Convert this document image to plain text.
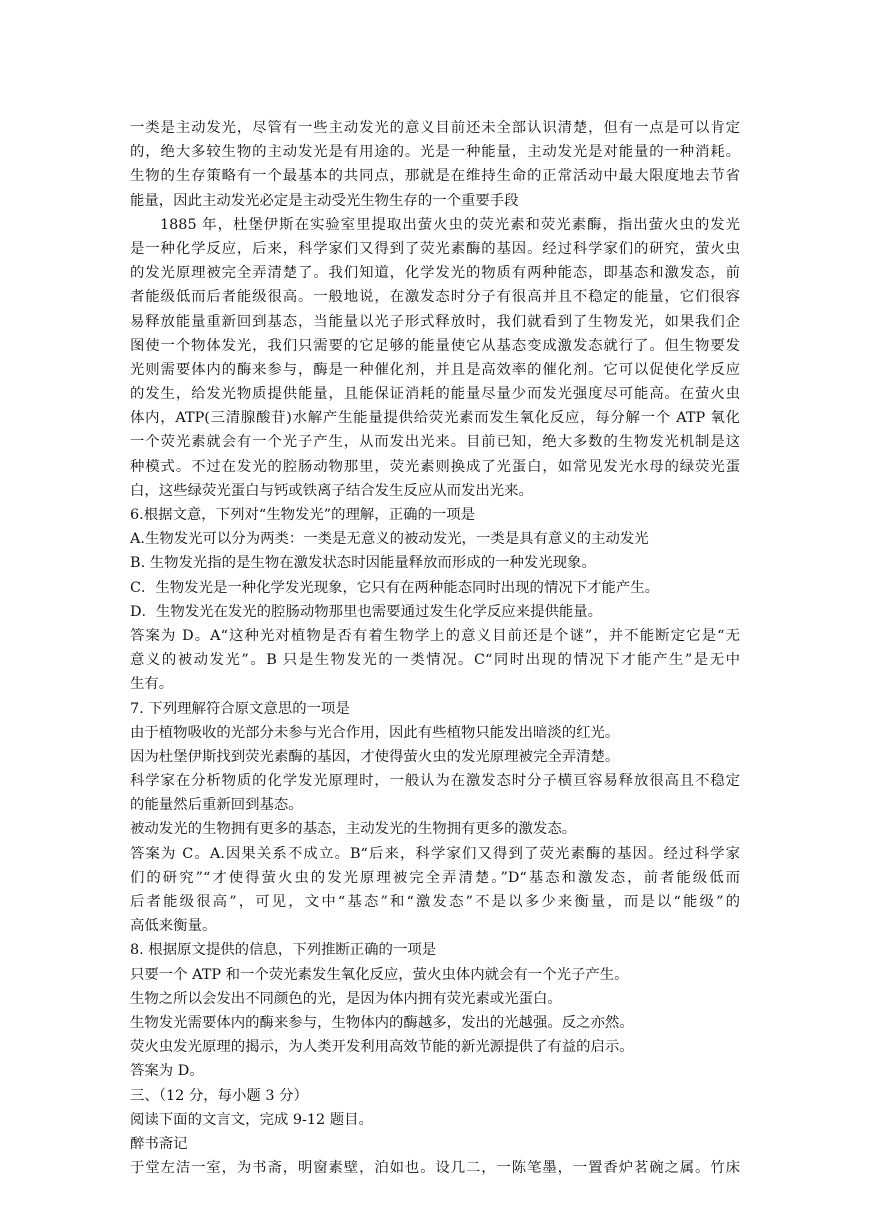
一类是主动发光，尽管有一些主动发光的意义目前还未全部认识清楚，但有一点是可以肯定

的，绝大多较生物的主动发光是有用途的。光是一种能量，主动发光是对能量的一种消耗。

生物的生存策略有一个最基本的共同点，那就是在维持生命的正常活动中最大限度地去节省

能量，因此主动发光必定是主动受光生物生存的一个重要手段

1885 年，杜堡伊斯在实验室里提取出萤火虫的荧光素和荧光素酶，指出萤火虫的发光

是一种化学反应，后来，科学家们又得到了荧光素酶的基因。经过科学家们的研究，萤火虫

的发光原理被完全弄清楚了。我们知道，化学发光的物质有两种能态，即基态和激发态，前

者能级低而后者能级很高。一般地说，在激发态时分子有很高并且不稳定的能量，它们很容

易释放能量重新回到基态，当能量以光子形式释放时，我们就看到了生物发光，如果我们企

图使一个物体发光，我们只需要的它足够的能量使它从基态变成激发态就行了。但生物要发

光则需要体内的酶来参与，酶是一种催化剂，并且是高效率的催化剂。它可以促使化学反应

的发生，给发光物质提供能量，且能保证消耗的能量尽量少而发光强度尽可能高。在萤火虫

体内，ATP(三清腺酸苷)水解产生能量提供给荧光素而发生氧化反应，每分解一个 ATP 氧化

一个荧光素就会有一个光子产生，从而发出光来。目前已知，绝大多数的生物发光机制是这

种模式。不过在发光的腔肠动物那里，荧光素则换成了光蛋白，如常见发光水母的绿荧光蛋

白，这些绿荧光蛋白与钙或铁离子结合发生反应从而发出光来。

6.根据文意，下列对“生物发光”的理解，正确的一项是

A.生物发光可以分为两类：一类是无意义的被动发光，一类是具有意义的主动发光

B. 生物发光指的是生物在激发状态时因能量释放而形成的一种发光现象。

C．生物发光是一种化学发光现象，它只有在两种能态同时出现的情况下才能产生。

D．生物发光在发光的腔肠动物那里也需要通过发生化学反应来提供能量。

答案为 D。A“这种光对植物是否有着生物学上的意义目前还是个谜”，并不能断定它是“无

意义的被动发光”。B 只是生物发光的一类情况。C“同时出现的情况下才能产生”是无中

生有。

7. 下列理解符合原文意思的一项是

由于植物吸收的光部分未参与光合作用，因此有些植物只能发出暗淡的红光。

因为杜堡伊斯找到荧光素酶的基因，才使得萤火虫的发光原理被完全弄清楚。

科学家在分析物质的化学发光原理时，一般认为在激发态时分子横亘容易释放很高且不稳定

的能量然后重新回到基态。

被动发光的生物拥有更多的基态，主动发光的生物拥有更多的激发态。

答案为 C。A.因果关系不成立。B“后来，科学家们又得到了荧光素酶的基因。经过科学家

们的研究”“才使得萤火虫的发光原理被完全弄清楚。”D“基态和激发态，前者能级低而

后者能级很高”，可见，文中“基态”和“激发态”不是以多少来衡量，而是以“能级”的

高低来衡量。

8. 根据原文提供的信息，下列推断正确的一项是

只要一个 ATP 和一个荧光素发生氧化反应，萤火虫体内就会有一个光子产生。

生物之所以会发出不同颜色的光，是因为体内拥有荧光素或光蛋白。

生物发光需要体内的酶来参与，生物体内的酶越多，发出的光越强。反之亦然。

荧火虫发光原理的揭示，为人类开发利用高效节能的新光源提供了有益的启示。

答案为 D。

三、（12 分，每小题 3 分）

阅读下面的文言文，完成 9-12 题目。

醉书斋记

于堂左洁一室，为书斋，明窗素壁，泊如也。设几二，一陈笔墨，一置香炉茗碗之属。竹床
